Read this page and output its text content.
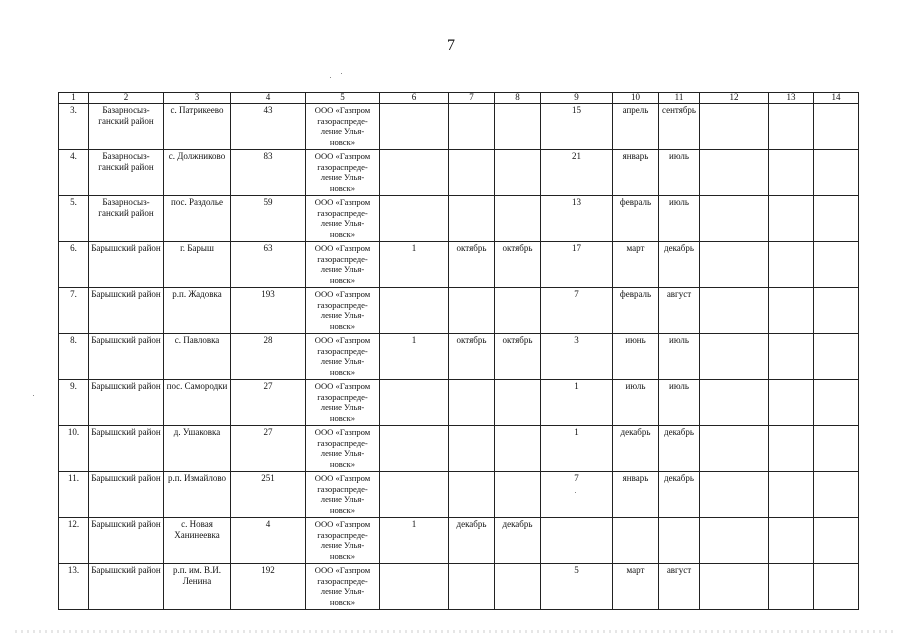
7
1	2	3	4	5	6	7	8	9	10	11	12	13	14
3.	Базарносыз- ганский район	с. Патрикеево	43	ООО «Газпром газораспреде- ление Улья- новск»				15	апрель	сентябрь			
4.	Базарносыз- ганский район	с. Должниково	83	ООО «Газпром газораспреде- ление Улья- новск»				21	январь	июль			
5.	Базарносыз- ганский район	пос. Раздолье	59	ООО «Газпром газораспреде- ление Улья- новск»				13	февраль	июль			
6.	Барышский район	г. Барыш	63	ООО «Газпром газораспреде- ление Улья- новск»	1	октябрь	октябрь	17	март	декабрь			
7.	Барышский район	р.п. Жадовка	193	ООО «Газпром газораспреде- ление Улья- новск»				7	февраль	август			
8.	Барышский район	с. Павловка	28	ООО «Газпром газораспреде- ление Улья- новск»	1	октябрь	октябрь	3	июнь	июль			
9.	Барышский район	пос. Самородки	27	ООО «Газпром газораспреде- ление Улья- новск»				1	июль	июль			
10.	Барышский район	д. Ушаковка	27	ООО «Газпром газораспреде- ление Улья- новск»				1	декабрь	декабрь			
11.	Барышский район	р.п. Измайлово	251	ООО «Газпром газораспреде- ление Улья- новск»				7	январь	декабрь			
12.	Барышский район	с. Новая Ханинеевка	4	ООО «Газпром газораспреде- ление Улья- новск»	1	декабрь	декабрь						
13.	Барышский район	р.п. им. В.И. Ленина	192	ООО «Газпром газораспреде- ление Улья- новск»				5	март	август			
